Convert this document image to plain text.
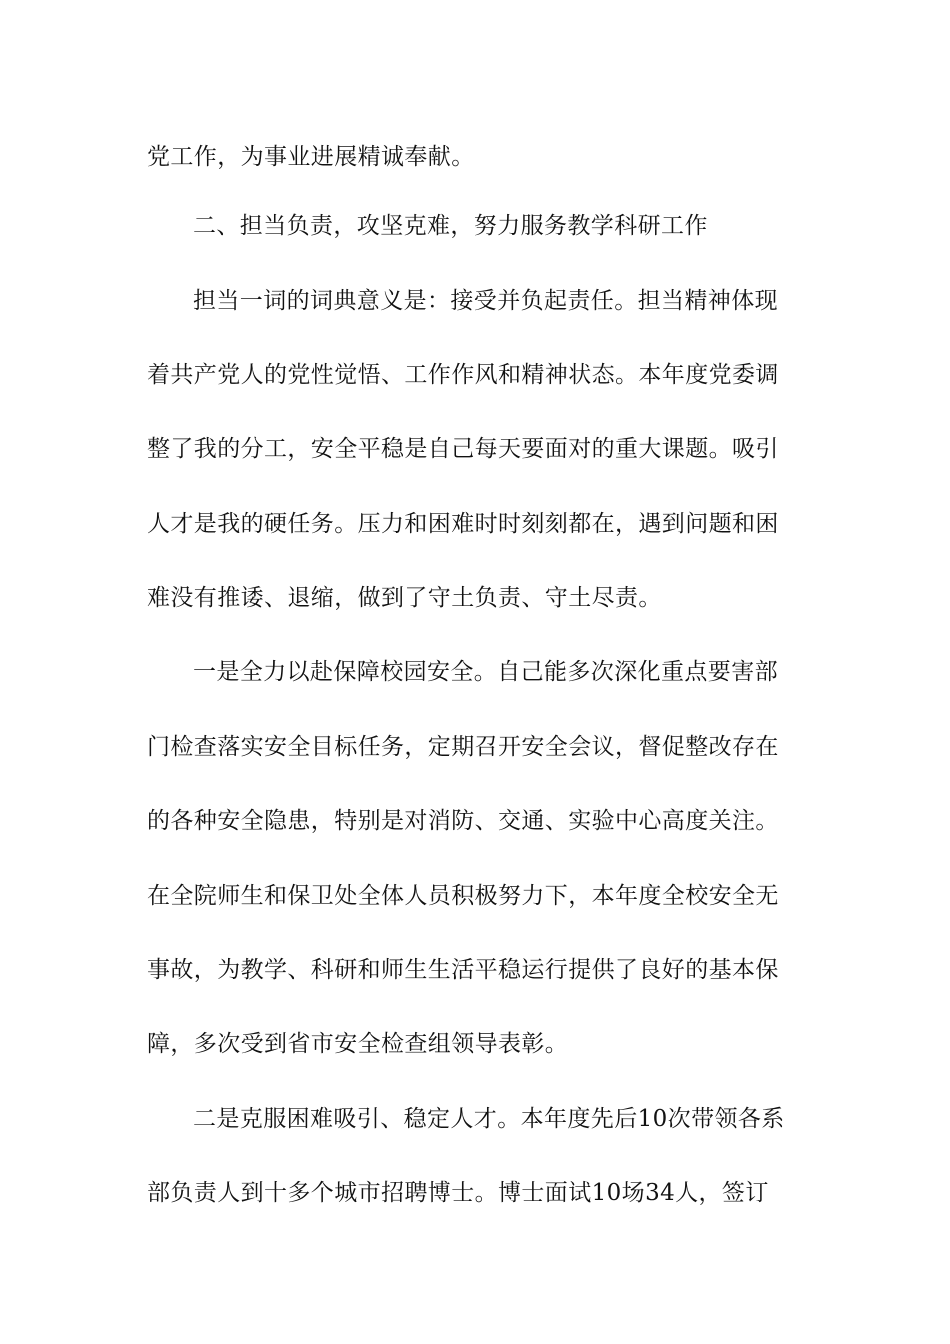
党工作，为事业进展精诚奉献。
二、担当负责，攻坚克难，努力服务教学科研工作
担当一词的词典意义是：接受并负起责任。担当精神体现
着共产党人的党性觉悟、工作作风和精神状态。本年度党委调
整了我的分工，安全平稳是自己每天要面对的重大课题。吸引
人才是我的硬任务。压力和困难时时刻刻都在，遇到问题和困
难没有推诿、退缩，做到了守土负责、守土尽责。
一是全力以赴保障校园安全。自己能多次深化重点要害部
门检查落实安全目标任务，定期召开安全会议，督促整改存在
的各种安全隐患，特别是对消防、交通、实验中心高度关注。
在全院师生和保卫处全体人员积极努力下，本年度全校安全无
事故，为教学、科研和师生生活平稳运行提供了良好的基本保
障，多次受到省市安全检查组领导表彰。
二是克服困难吸引、稳定人才。本年度先后10次带领各系
部负责人到十多个城市招聘博士。博士面试10场34人，签订
